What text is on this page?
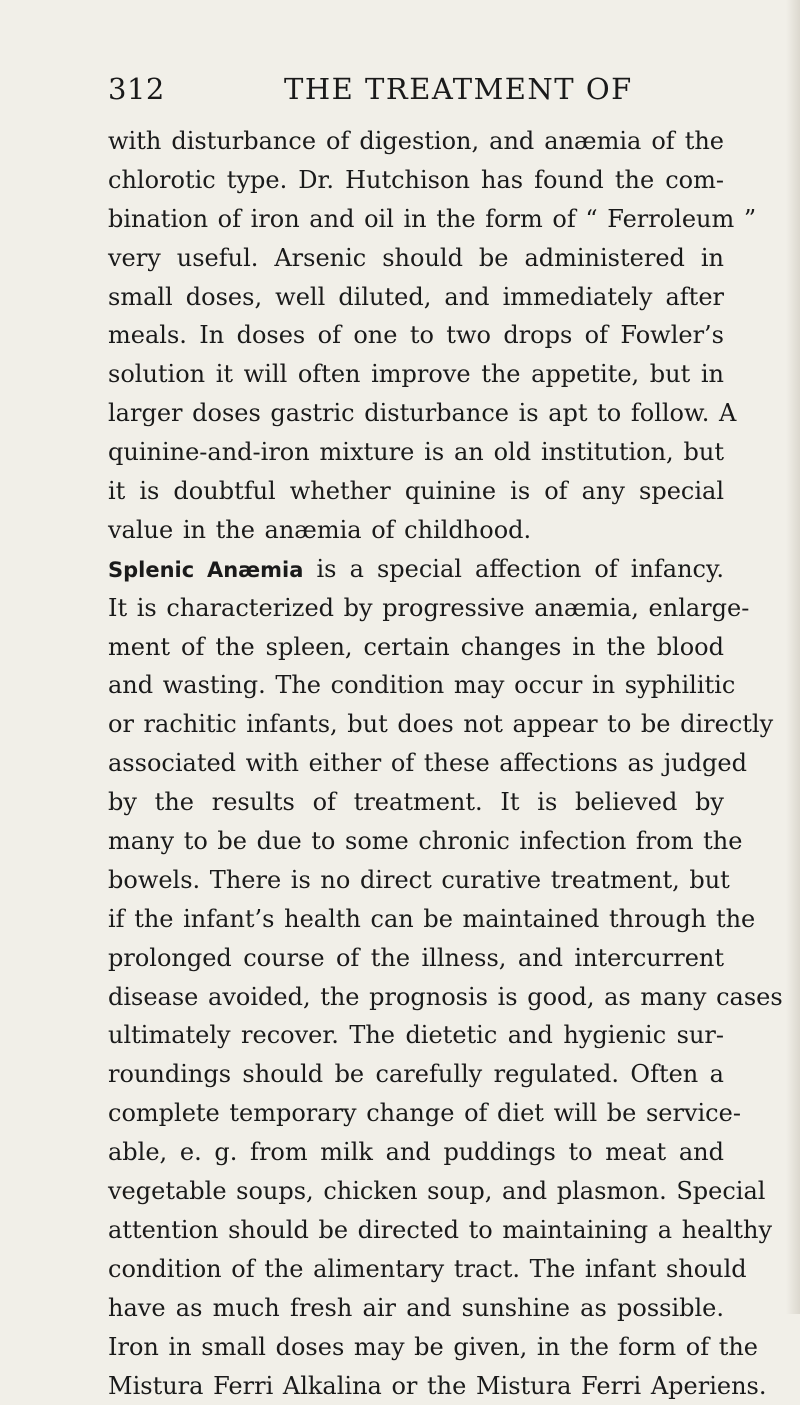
312	THE TREATMENT OF
with disturbance of digestion, and anæmia of the
chlorotic type. Dr. Hutchison has found the com-
bination of iron and oil in the form of “ Ferroleum ”
very useful. Arsenic should be administered in
small doses, well diluted, and immediately after
meals. In doses of one to two drops of Fowler’s
solution it will often improve the appetite, but in
larger doses gastric disturbance is apt to follow. A
quinine-and-iron mixture is an old institution, but
it is doubtful whether quinine is of any special
value in the anæmia of childhood.
Splenic Anæmia is a special affection of infancy.
It is characterized by progressive anæmia, enlarge-
ment of the spleen, certain changes in the blood
and wasting. The condition may occur in syphilitic
or rachitic infants, but does not appear to be directly
associated with either of these affections as judged
by the results of treatment. It is believed by
many to be due to some chronic infection from the
bowels. There is no direct curative treatment, but
if the infant’s health can be maintained through the
prolonged course of the illness, and intercurrent
disease avoided, the prognosis is good, as many cases
ultimately recover. The dietetic and hygienic sur-
roundings should be carefully regulated. Often a
complete temporary change of diet will be service-
able, e. g. from milk and puddings to meat and
vegetable soups, chicken soup, and plasmon. Special
attention should be directed to maintaining a healthy
condition of the alimentary tract. The infant should
have as much fresh air and sunshine as possible.
Iron in small doses may be given, in the form of the
Mistura Ferri Alkalina or the Mistura Ferri Aperiens.
